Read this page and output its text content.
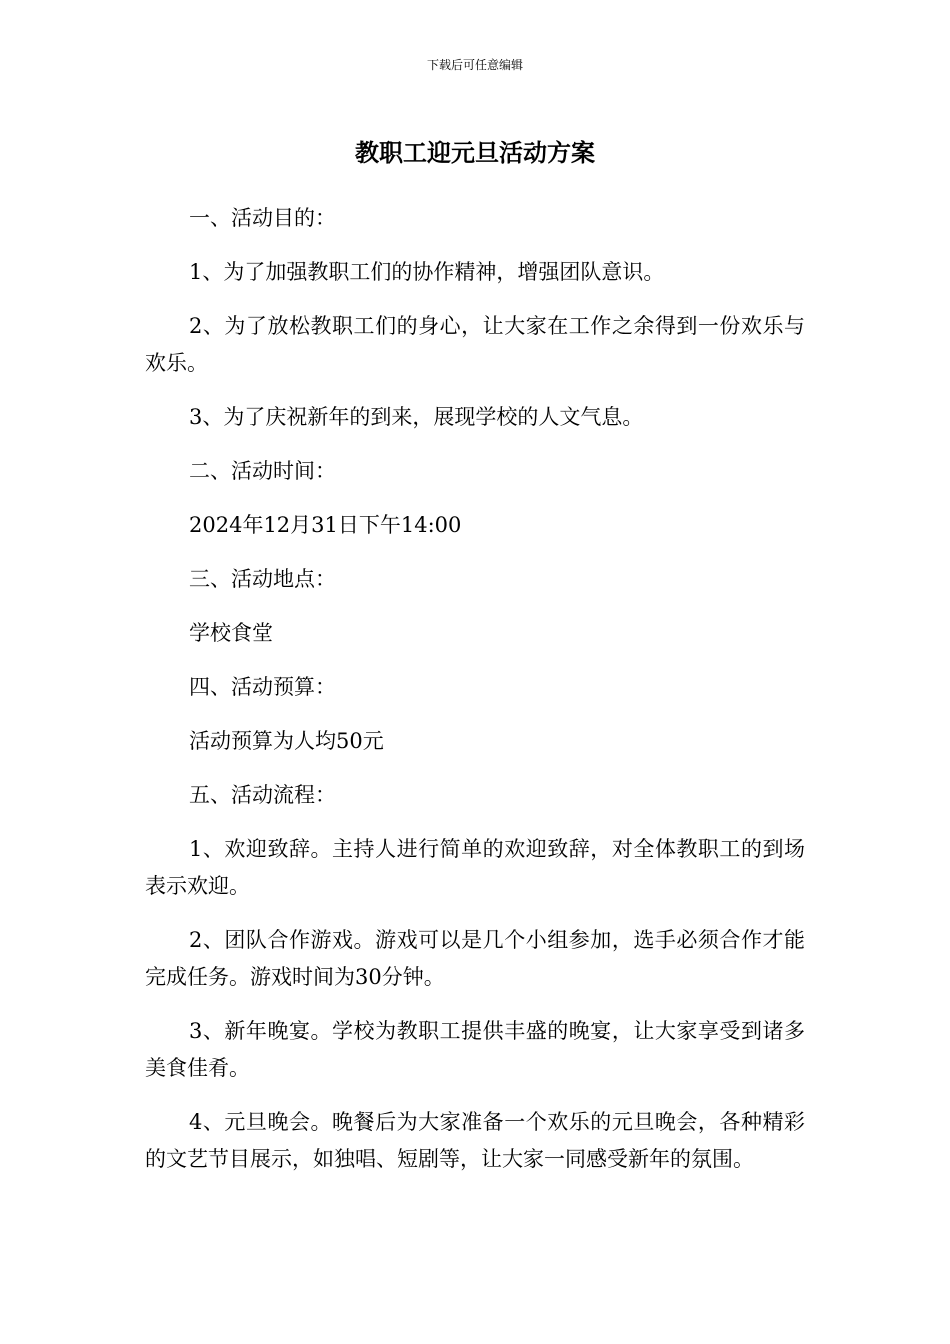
下载后可任意编辑
教职工迎元旦活动方案

一、活动目的：

1、为了加强教职工们的协作精神，增强团队意识。

2、为了放松教职工们的身心，让大家在工作之余得到一份欢乐与欢乐。

3、为了庆祝新年的到来，展现学校的人文气息。

二、活动时间：

2024年12月31日下午14:00

三、活动地点：

学校食堂

四、活动预算：

活动预算为人均50元

五、活动流程：

1、欢迎致辞。主持人进行简单的欢迎致辞，对全体教职工的到场表示欢迎。

2、团队合作游戏。游戏可以是几个小组参加，选手必须合作才能完成任务。游戏时间为30分钟。

3、新年晚宴。学校为教职工提供丰盛的晚宴，让大家享受到诸多美食佳肴。

4、元旦晚会。晚餐后为大家准备一个欢乐的元旦晚会，各种精彩的文艺节目展示，如独唱、短剧等，让大家一同感受新年的氛围。
